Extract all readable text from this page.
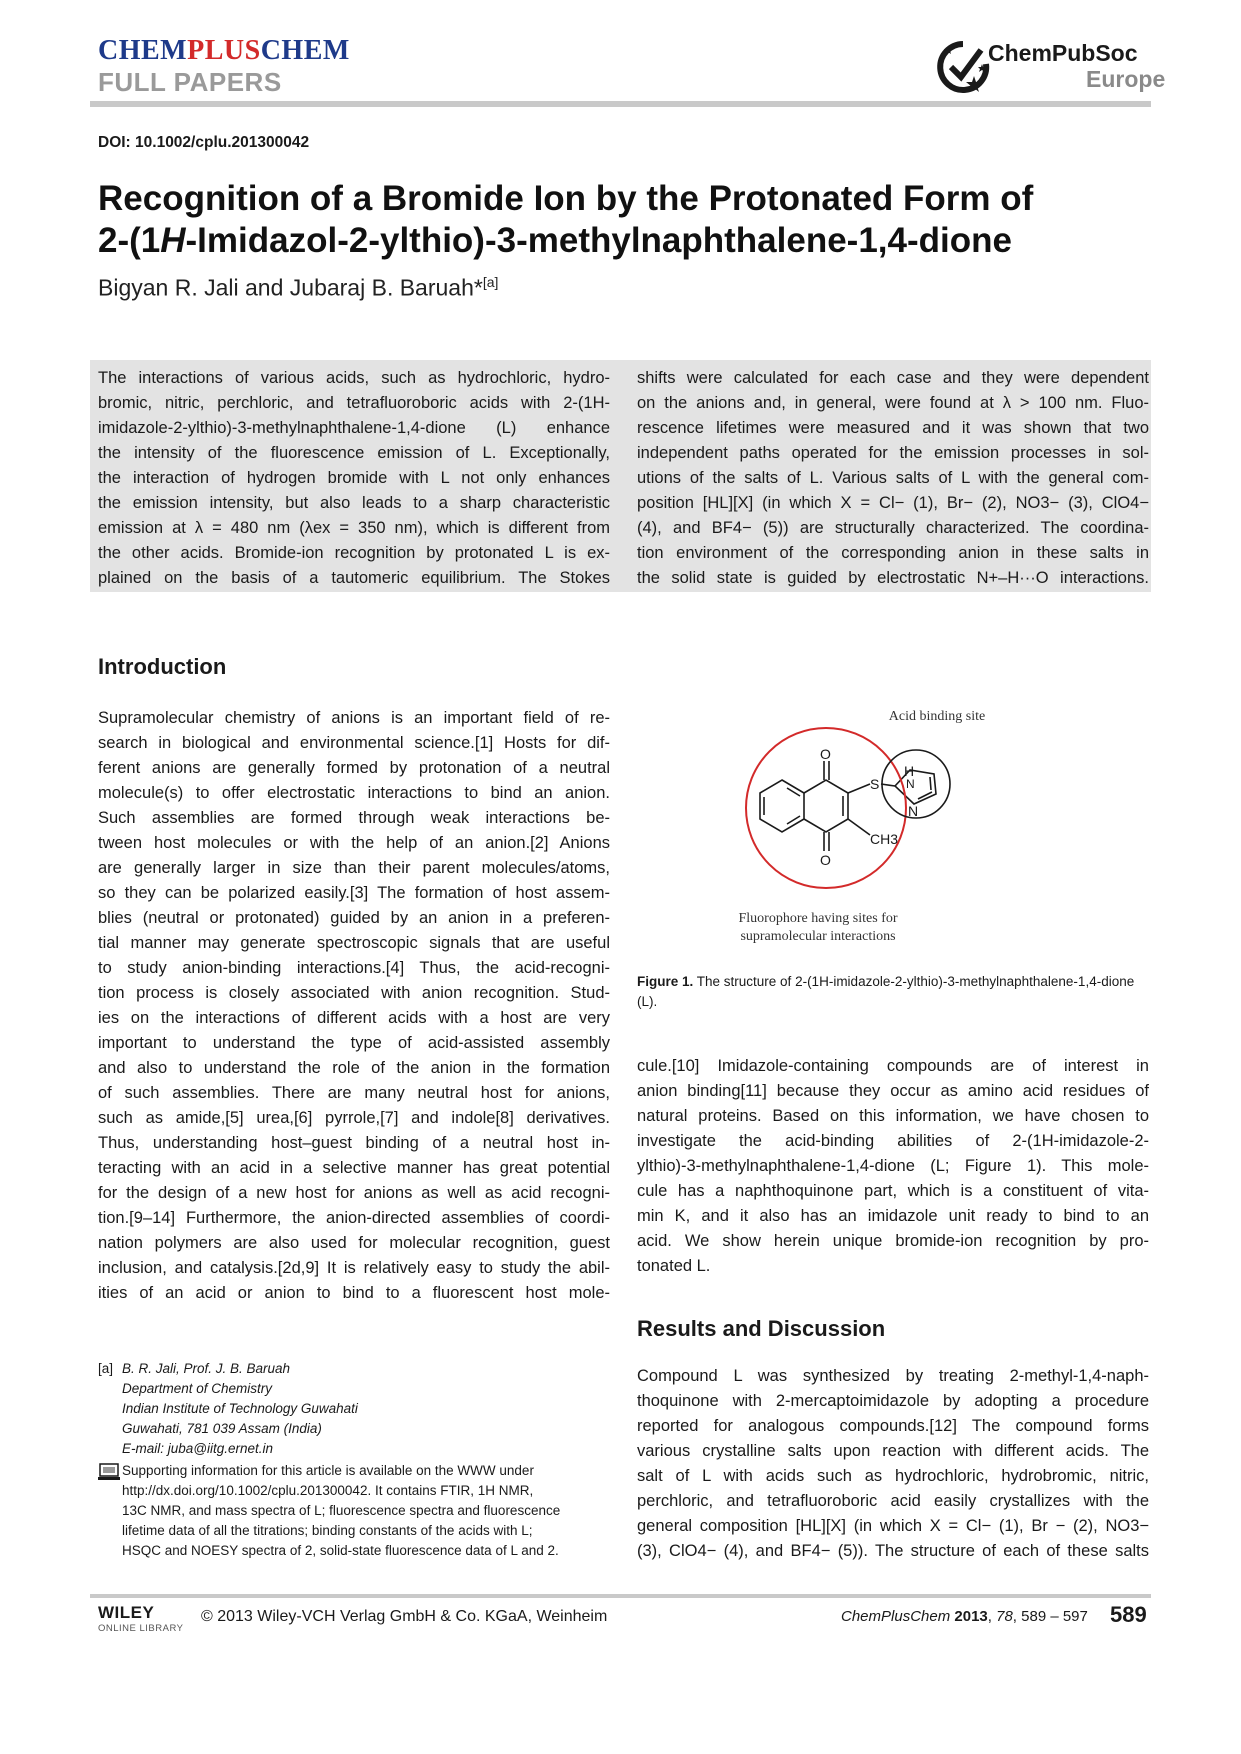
CHEMPLUSCHEM
FULL PAPERS
ChemPubSoc
Europe
DOI: 10.1002/cplu.201300042
Recognition of a Bromide Ion by the Protonated Form of
2-(1H-Imidazol-2-ylthio)-3-methylnaphthalene-1,4-dione
Bigyan R. Jali and Jubaraj B. Baruah*[a]
The interactions of various acids, such as hydrochloric, hydro-
bromic, nitric, perchloric, and tetrafluoroboric acids with 2-(1H-
imidazole-2-ylthio)-3-methylnaphthalene-1,4-dione (L) enhance
the intensity of the fluorescence emission of L. Exceptionally,
the interaction of hydrogen bromide with L not only enhances
the emission intensity, but also leads to a sharp characteristic
emission at λ = 480 nm (λex = 350 nm), which is different from
the other acids. Bromide-ion recognition by protonated L is ex-
plained on the basis of a tautomeric equilibrium. The Stokes
shifts were calculated for each case and they were dependent
on the anions and, in general, were found at λ > 100 nm. Fluo-
rescence lifetimes were measured and it was shown that two
independent paths operated for the emission processes in sol-
utions of the salts of L. Various salts of L with the general com-
position [HL][X] (in which X = Cl− (1), Br− (2), NO3− (3), ClO4−
(4), and BF4− (5)) are structurally characterized. The coordina-
tion environment of the corresponding anion in these salts in
the solid state is guided by electrostatic N+–H···O interactions.
Introduction
Supramolecular chemistry of anions is an important field of re-
search in biological and environmental science.[1] Hosts for dif-
ferent anions are generally formed by protonation of a neutral
molecule(s) to offer electrostatic interactions to bind an anion.
Such assemblies are formed through weak interactions be-
tween host molecules or with the help of an anion.[2] Anions
are generally larger in size than their parent molecules/atoms,
so they can be polarized easily.[3] The formation of host assem-
blies (neutral or protonated) guided by an anion in a preferen-
tial manner may generate spectroscopic signals that are useful
to study anion-binding interactions.[4] Thus, the acid-recogni-
tion process is closely associated with anion recognition. Stud-
ies on the interactions of different acids with a host are very
important to understand the type of acid-assisted assembly
and also to understand the role of the anion in the formation
of such assemblies. There are many neutral host for anions,
such as amide,[5] urea,[6] pyrrole,[7] and indole[8] derivatives.
Thus, understanding host–guest binding of a neutral host in-
teracting with an acid in a selective manner has great potential
for the design of a new host for anions as well as acid recogni-
tion.[9–14] Furthermore, the anion-directed assemblies of coordi-
nation polymers are also used for molecular recognition, guest
inclusion, and catalysis.[2d,9] It is relatively easy to study the abil-
ities of an acid or anion to bind to a fluorescent host mole-
O
O
S
H
N
N
CH3
Acid binding site
Fluorophore having sites for
supramolecular interactions
Figure 1. The structure of 2-(1H-imidazole-2-ylthio)-3-methylnaphthalene-1,4-dione (L).
cule.[10] Imidazole-containing compounds are of interest in
anion binding[11] because they occur as amino acid residues of
natural proteins. Based on this information, we have chosen to
investigate the acid-binding abilities of 2-(1H-imidazole-2-
ylthio)-3-methylnaphthalene-1,4-dione (L; Figure 1). This mole-
cule has a naphthoquinone part, which is a constituent of vita-
min K, and it also has an imidazole unit ready to bind to an
acid. We show herein unique bromide-ion recognition by pro-
tonated L.
Results and Discussion
Compound L was synthesized by treating 2-methyl-1,4-naph-
thoquinone with 2-mercaptoimidazole by adopting a procedure
reported for analogous compounds.[12] The compound forms
various crystalline salts upon reaction with different acids. The
salt of L with acids such as hydrochloric, hydrobromic, nitric,
perchloric, and tetrafluoroboric acid easily crystallizes with the
general composition [HL][X] (in which X = Cl− (1), Br − (2), NO3−
(3), ClO4− (4), and BF4− (5)). The structure of each of these salts
[a] B. R. Jali, Prof. J. B. Baruah
Department of Chemistry
Indian Institute of Technology Guwahati
Guwahati, 781 039 Assam (India)
E-mail: juba@iitg.ernet.in
Supporting information for this article is available on the WWW under
http://dx.doi.org/10.1002/cplu.201300042. It contains FTIR, 1H NMR,
13C NMR, and mass spectra of L; fluorescence spectra and fluorescence
lifetime data of all the titrations; binding constants of the acids with L;
HSQC and NOESY spectra of 2, solid-state fluorescence data of L and 2.
WILEY
ONLINE LIBRARY
© 2013 Wiley-VCH Verlag GmbH & Co. KGaA, Weinheim	ChemPlusChem 2013, 78, 589 – 597 589
